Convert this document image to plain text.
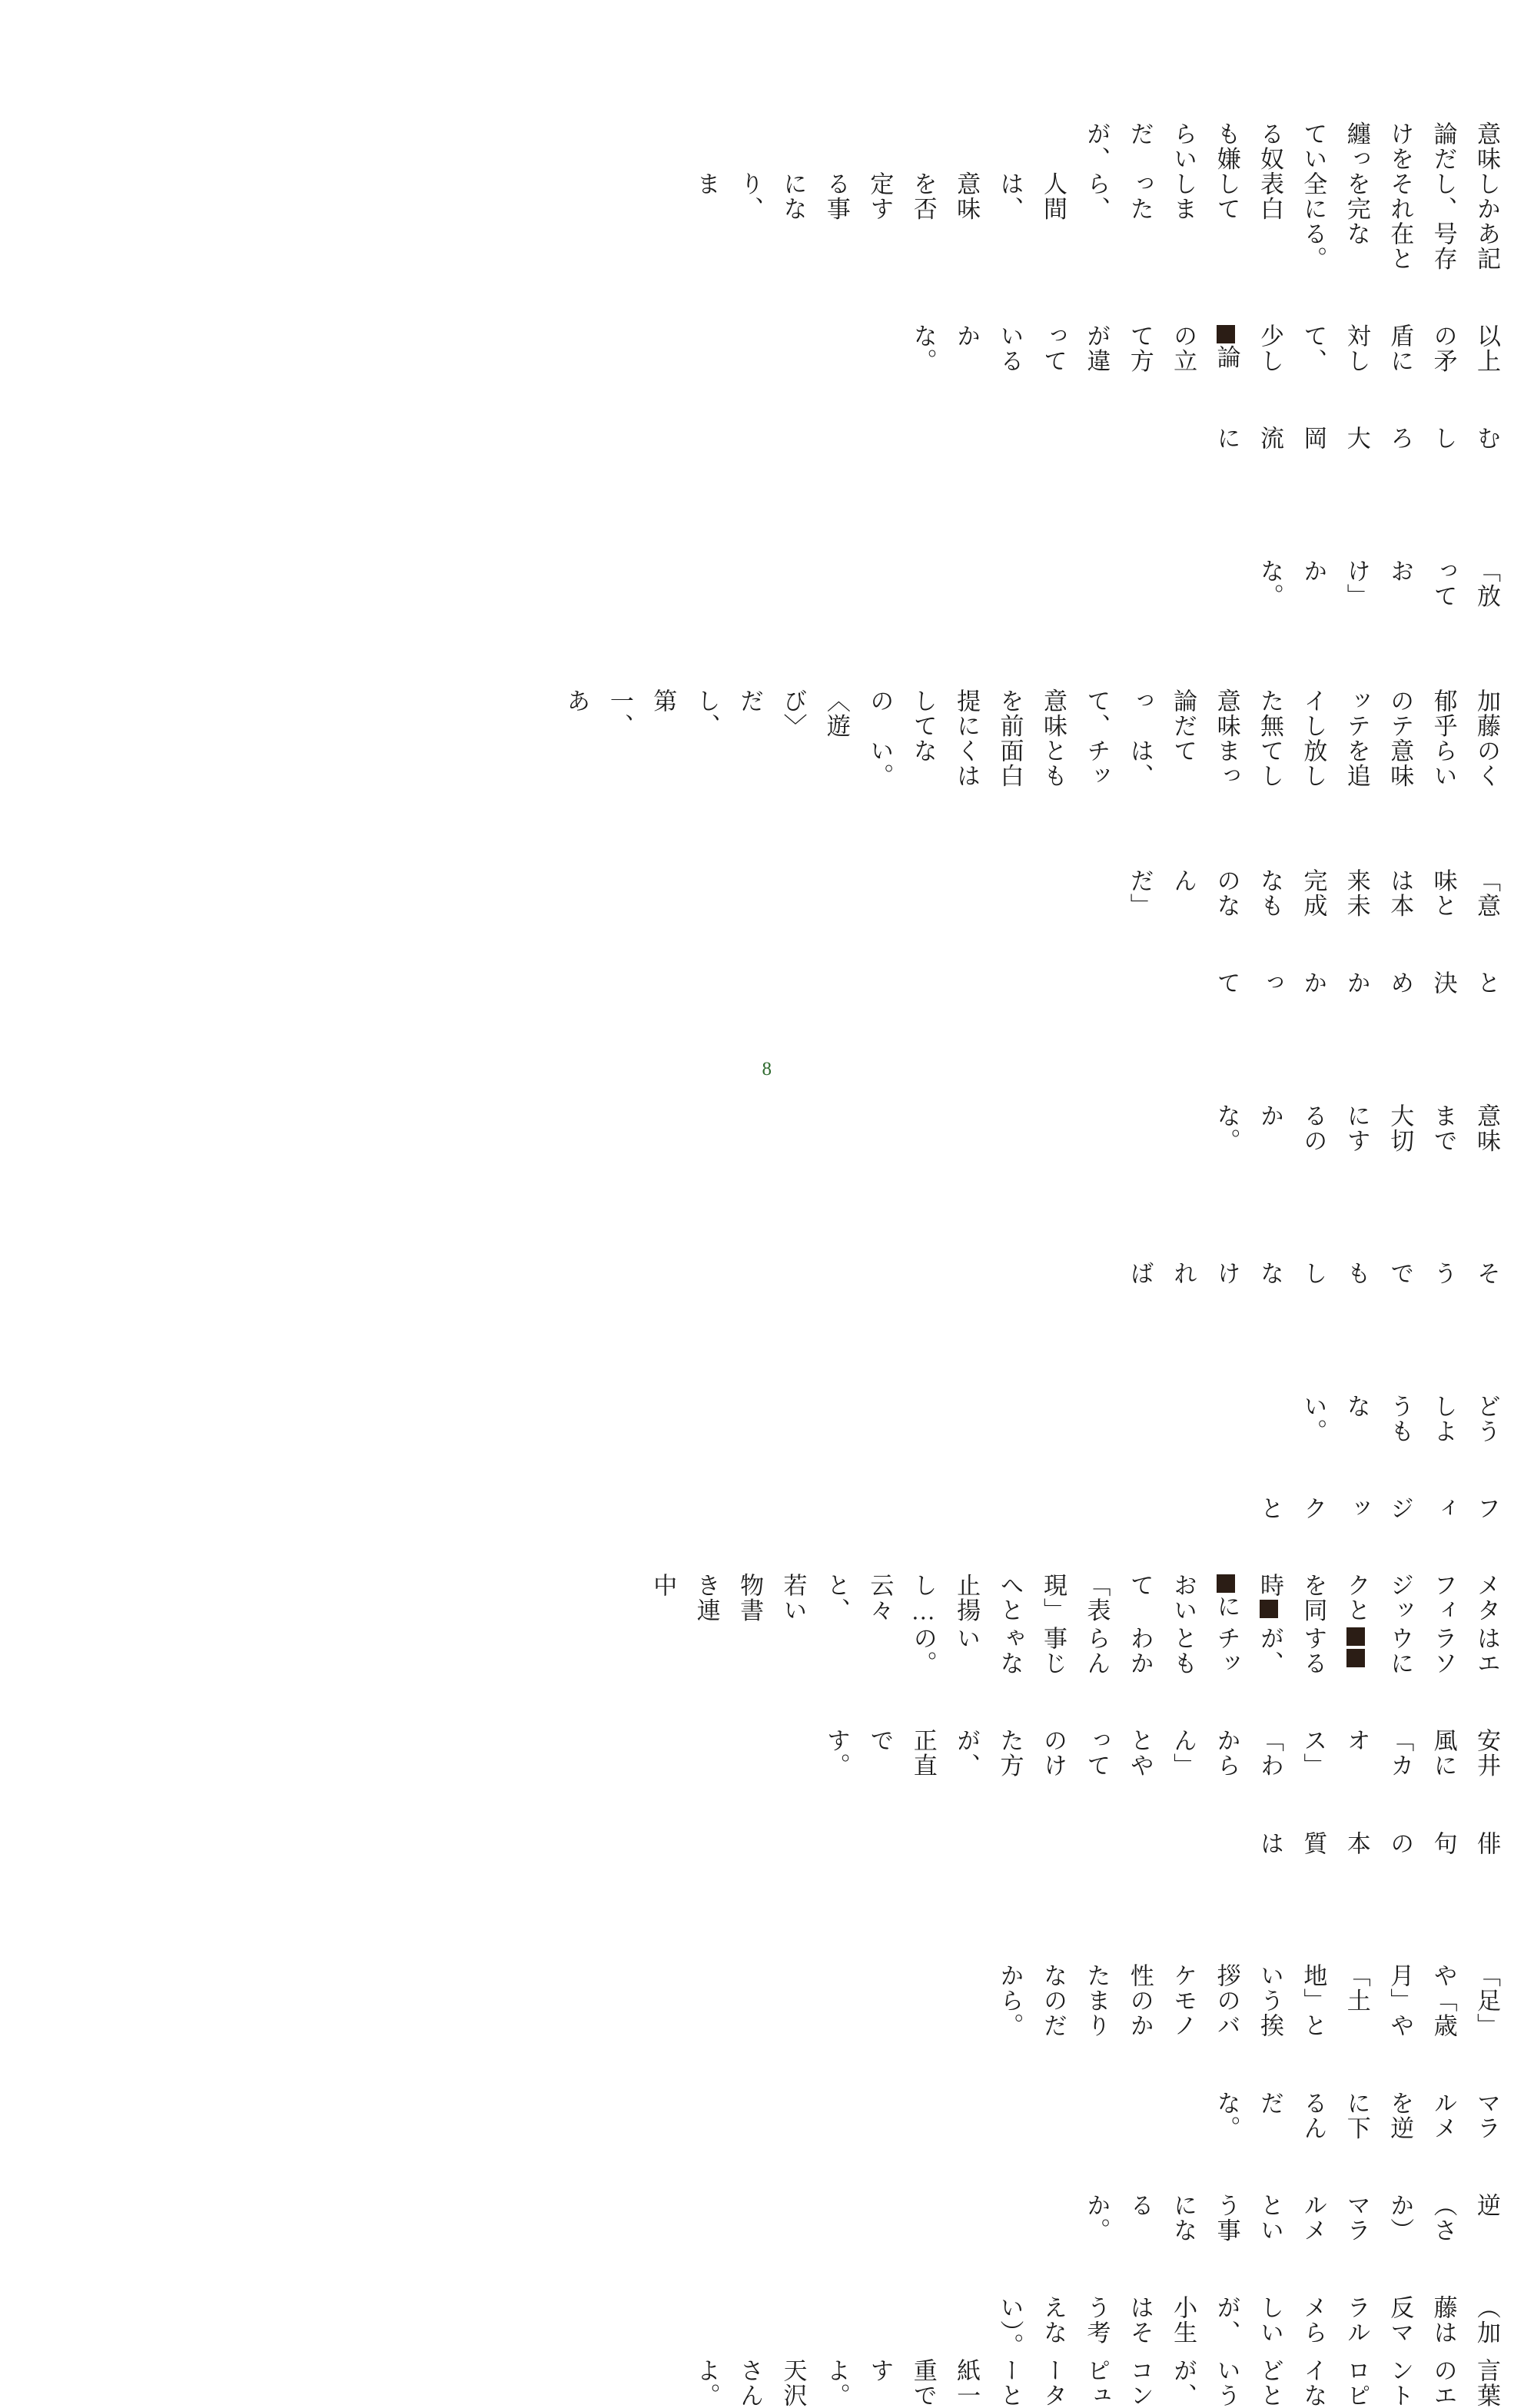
意味論だけを纏っている奴も嫌らいだが、

しかし、それを完全に表白してしまったら、人間は、意味を否定する事になり、ま

あ記号存在となる。

以上の矛盾に対して、少し論の立て方が違っているかな。

むしろ大岡流に

「放っておけ」かな。

加藤郁乎のテッテイした無意味論だって、意味を前提にしての〈遊び〉だし、第一、あ

のくらい意味を追放してしまっては、チッとも面白くはない。

「意味とは本来未完成なものなんだ」

と決めかかって

意味まで大切にするのかな。

そうでもしなければ

どうしようもない。

フィジックと

メタフィジックとを同時において「表現」へと止揚し…云々と、若い物書き連中

はエラソウにするが、チッともわからん事じゃないの。

安井風に「カオス」「わからん」とやってのけた方が、正直です。

俳句の本質は

「足」や「歳月」や「土地」という挨拶のバケモノ性のかたまりなのだから。

マラルメを逆に下るんだな。

逆（さか）マラルメという事になるか。

（加藤は反マラルメらしいが、小生はそう考えない）。

言葉のエントロピイなどというが、コンピューターと紙一重ですよ。天沢さんよ。

8
